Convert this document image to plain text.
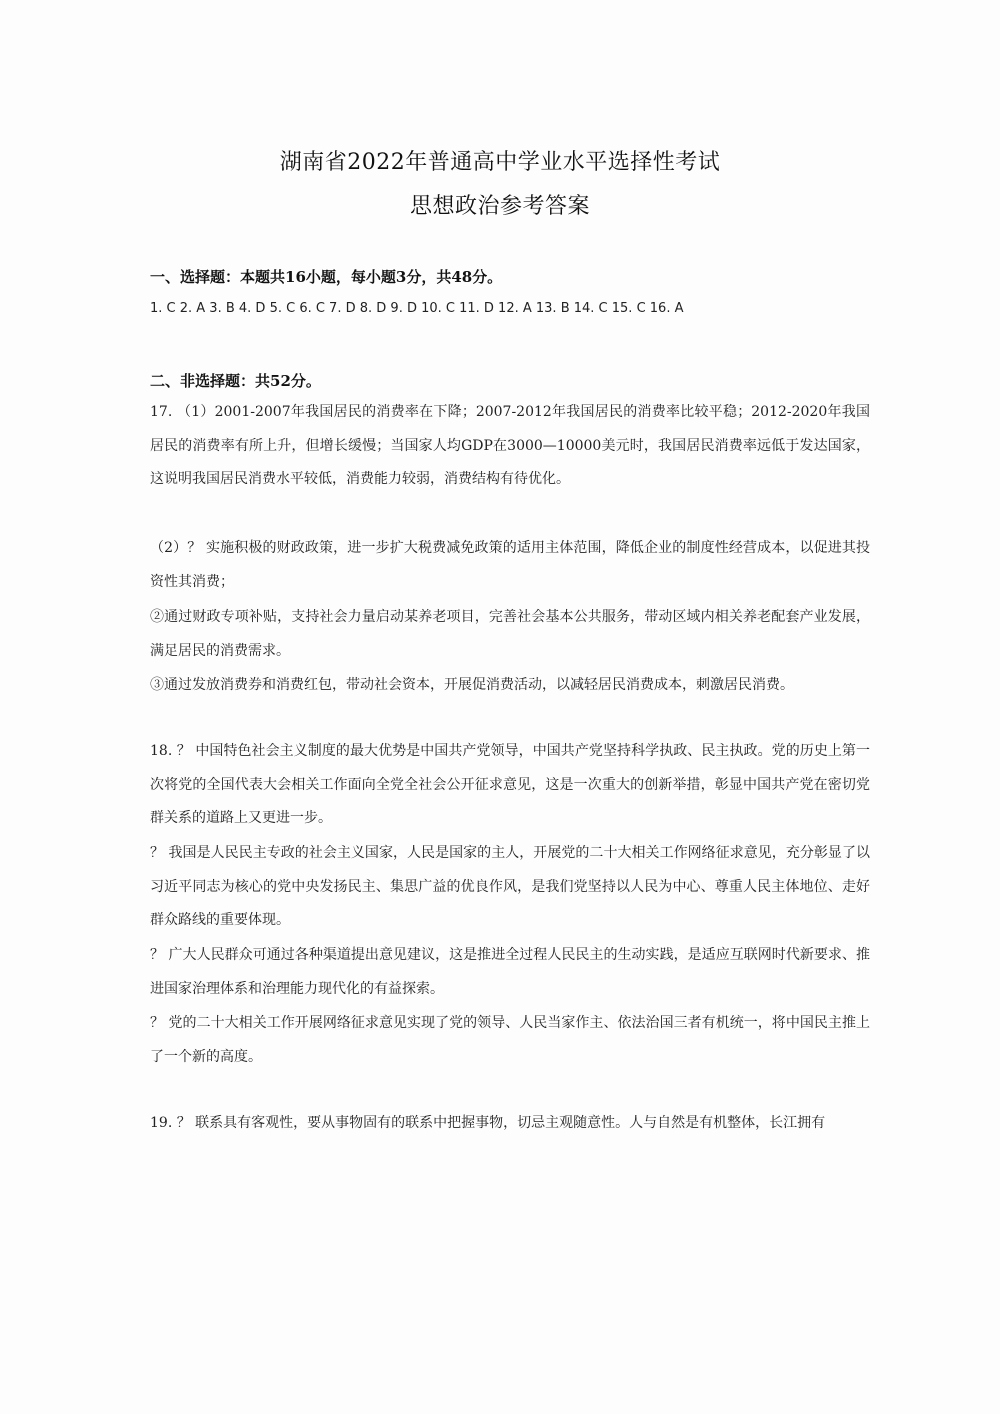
湖南省2022年普通高中学业水平选择性考试
思想政治参考答案
一、选择题：本题共16小题，每小题3分，共48分。
1. C 2. A 3. B 4. D 5. C 6. C 7. D 8. D 9. D 10. C 11. D 12. A 13. B 14. C 15. C 16. A
二、非选择题：共52分。
17. （1）2001-2007年我国居民的消费率在下降；2007-2012年我国居民的消费率比较平稳；2012-2020年我国居民的消费率有所上升，但增长缓慢；当国家人均GDP在3000—10000美元时，我国居民消费率远低于发达国家，这说明我国居民消费水平较低，消费能力较弱，消费结构有待优化。
（2）？ 实施积极的财政政策，进一步扩大税费减免政策的适用主体范围，降低企业的制度性经营成本，以促进其投资性其消费；
②通过财政专项补贴，支持社会力量启动某养老项目，完善社会基本公共服务，带动区域内相关养老配套产业发展，满足居民的消费需求。
③通过发放消费券和消费红包，带动社会资本，开展促消费活动，以减轻居民消费成本，刺激居民消费。
18. ？ 中国特色社会主义制度的最大优势是中国共产党领导，中国共产党坚持科学执政、民主执政。党的历史上第一次将党的全国代表大会相关工作面向全党全社会公开征求意见，这是一次重大的创新举措，彰显中国共产党在密切党群关系的道路上又更进一步。
？ 我国是人民民主专政的社会主义国家，人民是国家的主人，开展党的二十大相关工作网络征求意见，充分彰显了以习近平同志为核心的党中央发扬民主、集思广益的优良作风，是我们党坚持以人民为中心、尊重人民主体地位、走好群众路线的重要体现。
？ 广大人民群众可通过各种渠道提出意见建议，这是推进全过程人民民主的生动实践，是适应互联网时代新要求、推进国家治理体系和治理能力现代化的有益探索。
？ 党的二十大相关工作开展网络征求意见实现了党的领导、人民当家作主、依法治国三者有机统一，将中国民主推上了一个新的高度。
19. ？ 联系具有客观性，要从事物固有的联系中把握事物，切忌主观随意性。人与自然是有机整体，长江拥有
